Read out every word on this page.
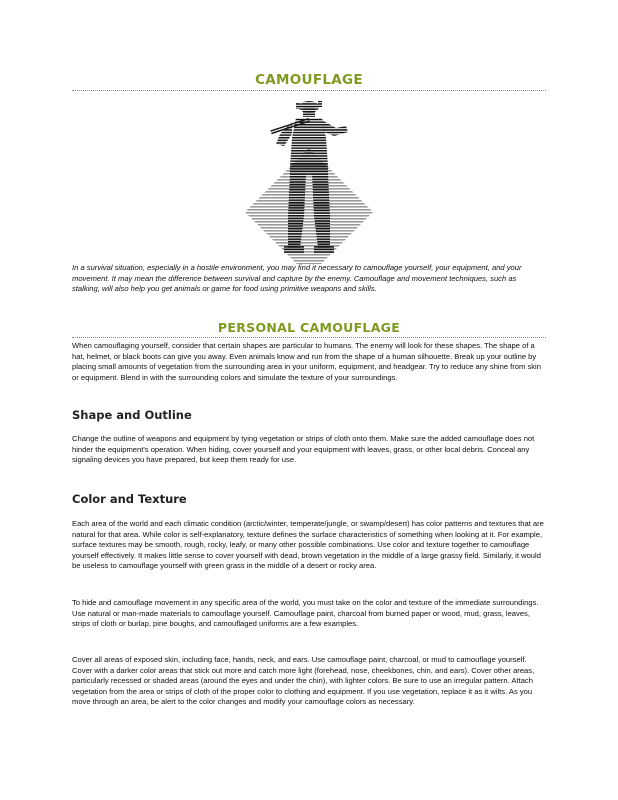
CAMOUFLAGE
In a survival situation, especially in a hostile environment, you may find it necessary to camouflage yourself, your equipment, and your movement. It may mean the difference between survival and capture by the enemy. Camouflage and movement techniques, such as stalking, will also help you get animals or game for food using primitive weapons and skills.
PERSONAL CAMOUFLAGE
When camouflaging yourself, consider that certain shapes are particular to humans. The enemy will look for these shapes. The shape of a hat, helmet, or black boots can give you away. Even animals know and run from the shape of a human silhouette. Break up your outline by placing small amounts of vegetation from the surrounding area in your uniform, equipment, and headgear. Try to reduce any shine from skin or equipment. Blend in with the surrounding colors and simulate the texture of your surroundings.
Shape and Outline
Change the outline of weapons and equipment by tying vegetation or strips of cloth onto them. Make sure the added camouflage does not hinder the equipment's operation. When hiding, cover yourself and your equipment with leaves, grass, or other local debris. Conceal any signaling devices you have prepared, but keep them ready for use.
Color and Texture
Each area of the world and each climatic condition (arctic/winter, temperate/jungle, or swamp/desert) has color patterns and textures that are natural for that area. While color is self-explanatory, texture defines the surface characteristics of something when looking at it. For example, surface textures may be smooth, rough, rocky, leafy, or many other possible combinations. Use color and texture together to camouflage yourself effectively. It makes little sense to cover yourself with dead, brown vegetation in the middle of a large grassy field. Similarly, it would be useless to camouflage yourself with green grass in the middle of a desert or rocky area.
To hide and camouflage movement in any specific area of the world, you must take on the color and texture of the immediate surroundings. Use natural or man-made materials to camouflage yourself. Camouflage paint, charcoal from burned paper or wood, mud, grass, leaves, strips of cloth or burlap, pine boughs, and camouflaged uniforms are a few examples.
Cover all areas of exposed skin, including face, hands, neck, and ears. Use camouflage paint, charcoal, or mud to camouflage yourself. Cover with a darker color areas that stick out more and catch more light (forehead, nose, cheekbones, chin, and ears). Cover other areas, particularly recessed or shaded areas (around the eyes and under the chin), with lighter colors. Be sure to use an irregular pattern. Attach vegetation from the area or strips of cloth of the proper color to clothing and equipment. If you use vegetation, replace it as it wilts. As you move through an area, be alert to the color changes and modify your camouflage colors as necessary.
